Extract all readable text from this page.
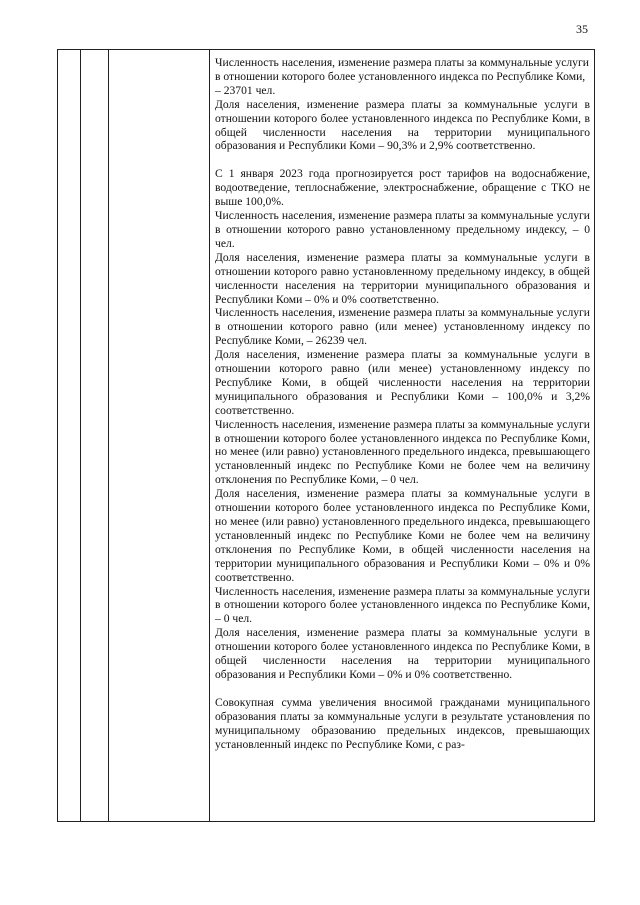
35
Численность населения, изменение размера платы за коммунальные услуги в отношении которого более установленного индекса по Республике Коми, – 23701 чел.
Доля населения, изменение размера платы за коммунальные услуги в отношении которого более установленного индекса по Республике Коми, в общей численности населения на территории муниципального образования и Республики Коми – 90,3% и 2,9% соответственно.
С 1 января 2023 года прогнозируется рост тарифов на водоснабжение, водоотведение, теплоснабжение, электроснабжение, обращение с ТКО не выше 100,0%.
Численность населения, изменение размера платы за коммунальные услуги в отношении которого равно установленному предельному индексу, – 0 чел.
Доля населения, изменение размера платы за коммунальные услуги в отношении которого равно установленному предельному индексу, в общей численности населения на территории муниципального образования и Республики Коми – 0% и 0% соответственно.
Численность населения, изменение размера платы за коммунальные услуги в отношении которого равно (или менее) установленному индексу по Республике Коми, – 26239 чел.
Доля населения, изменение размера платы за коммунальные услуги в отношении которого равно (или менее) установленному индексу по Республике Коми, в общей численности населения на территории муниципального образования и Республики Коми – 100,0% и 3,2% соответственно.
Численность населения, изменение размера платы за коммунальные услуги в отношении которого более установленного индекса по Республике Коми, но менее (или равно) установленного предельного индекса, превышающего установленный индекс по Республике Коми не более чем на величину отклонения по Республике Коми, – 0 чел.
Доля населения, изменение размера платы за коммунальные услуги в отношении которого более установленного индекса по Республике Коми, но менее (или равно) установленного предельного индекса, превышающего установленный индекс по Республике Коми не более чем на величину отклонения по Республике Коми, в общей численности населения на территории муниципального образования и Республики Коми – 0% и 0% соответственно.
Численность населения, изменение размера платы за коммунальные услуги в отношении которого более установленного индекса по Республике Коми, – 0 чел.
Доля населения, изменение размера платы за коммунальные услуги в отношении которого более установленного индекса по Республике Коми, в общей численности населения на территории муниципального образования и Республики Коми – 0% и 0% соответственно.
Совокупная сумма увеличения вносимой гражданами муниципального образования платы за коммунальные услуги в результате установления по муниципальному образованию предельных индексов, превышающих установленный индекс по Республике Коми, с раз-
